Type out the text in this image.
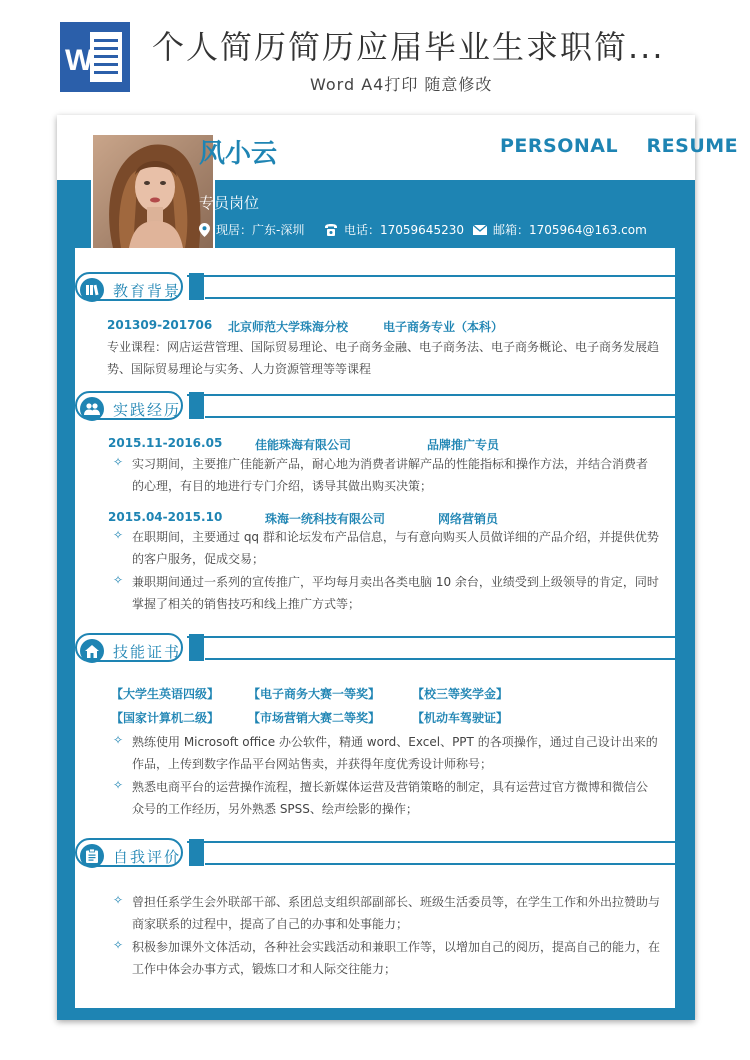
W 个人简历简历应届毕业生求职简...
Word A4打印 随意修改
风小云	PERSONAL    RESUME
专员岗位
现居：广东-深圳	电话：17059645230 邮箱：1705964@163.com
教育背景
201309-201706 北京师范大学珠海分校	电子商务专业（本科）
专业课程：网店运营管理、国际贸易理论、电子商务金融、电子商务法、电子商务概论、电子商务发展趋
势、国际贸易理论与实务、人力资源管理等等课程
实践经历
2015.11-2016.05	佳能珠海有限公司	品牌推广专员
✧ 实习期间，主要推广佳能新产品，耐心地为消费者讲解产品的性能指标和操作方法，并结合消费者
的心理，有目的地进行专门介绍，诱导其做出购买决策；
2015.04-2015.10	珠海一统科技有限公司	网络营销员
✧ 在职期间，主要通过 qq 群和论坛发布产品信息，与有意向购买人员做详细的产品介绍，并提供优势
的客户服务，促成交易；
✧ 兼职期间通过一系列的宣传推广，平均每月卖出各类电脑 10 余台，业绩受到上级领导的肯定，同时
掌握了相关的销售技巧和线上推广方式等；
技能证书
【大学生英语四级】 【电子商务大赛一等奖】	【校三等奖学金】
【国家计算机二级】 【市场营销大赛二等奖】	【机动车驾驶证】
✧ 熟练使用 Microsoft office 办公软件，精通 word、Excel、PPT 的各项操作，通过自己设计出来的
作品，上传到数字作品平台网站售卖，并获得年度优秀设计师称号；
✧ 熟悉电商平台的运营操作流程，擅长新媒体运营及营销策略的制定，具有运营过官方微博和微信公
众号的工作经历，另外熟悉 SPSS、绘声绘影的操作；
自我评价
✧ 曾担任系学生会外联部干部、系团总支组织部副部长、班级生活委员等，在学生工作和外出拉赞助与
商家联系的过程中，提高了自己的办事和处事能力；
✧ 积极参加课外文体活动，各种社会实践活动和兼职工作等，以增加自己的阅历，提高自己的能力，在
工作中体会办事方式，锻炼口才和人际交往能力；
